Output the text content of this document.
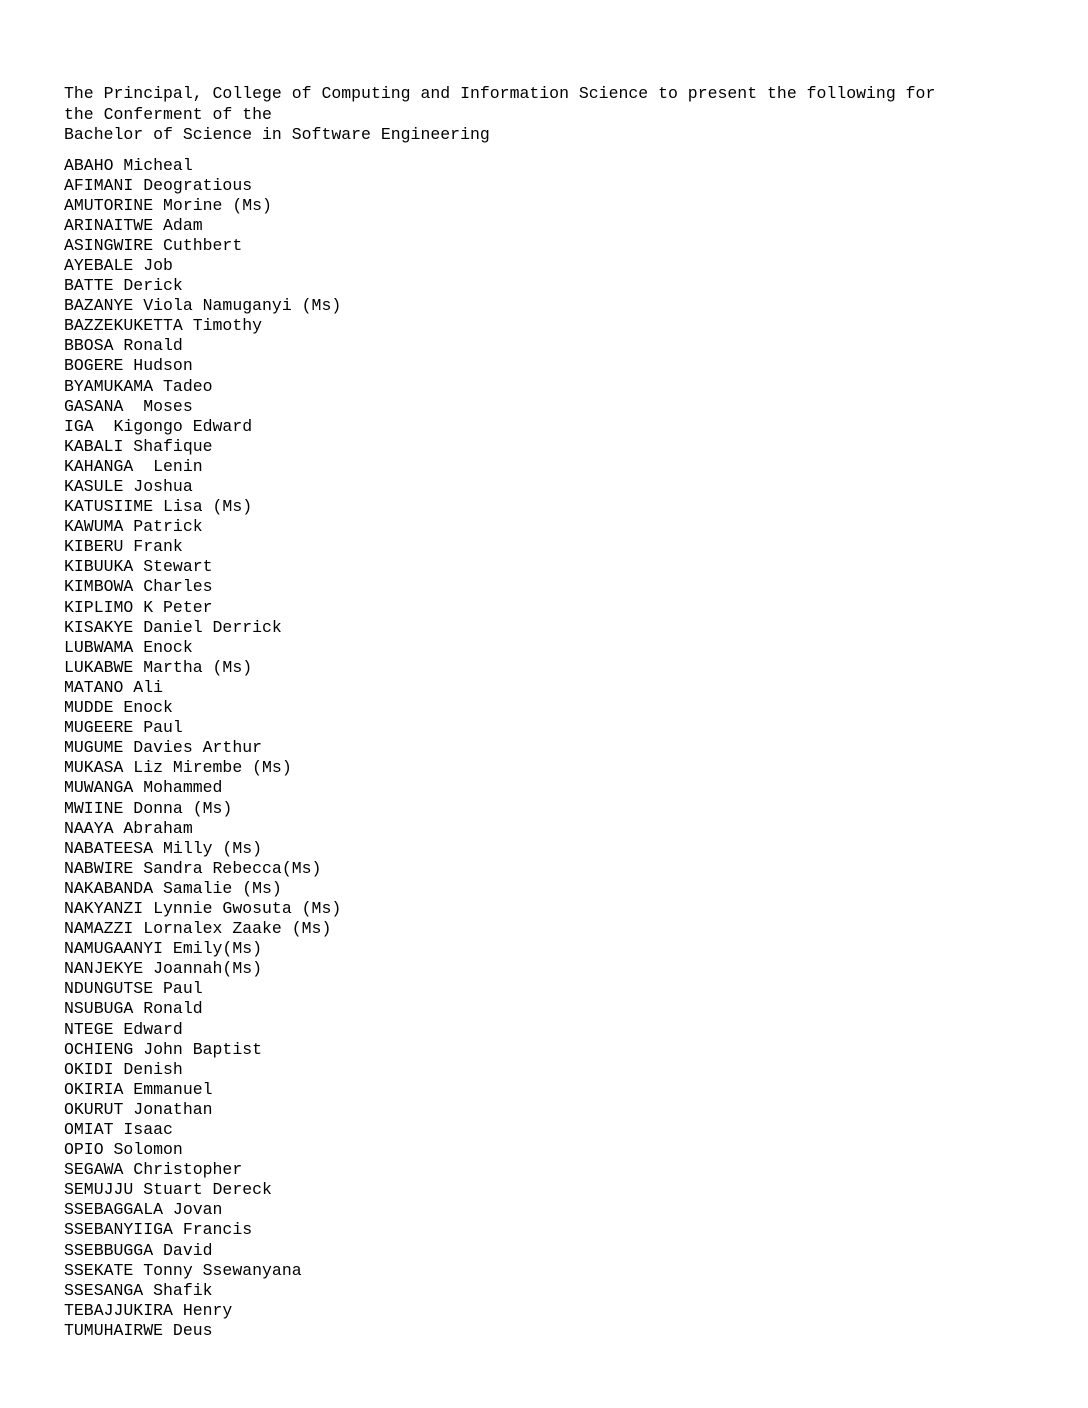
The Principal, College of Computing and Information Science to present the following for
the Conferment of the
Bachelor of Science in Software Engineering
ABAHO Micheal
AFIMANI Deogratious
AMUTORINE Morine (Ms)
ARINAITWE Adam
ASINGWIRE Cuthbert
AYEBALE Job
BATTE Derick
BAZANYE Viola Namuganyi (Ms)
BAZZEKUKETTA Timothy
BBOSA Ronald
BOGERE Hudson
BYAMUKAMA Tadeo
GASANA  Moses
IGA  Kigongo Edward
KABALI Shafique
KAHANGA  Lenin
KASULE Joshua
KATUSIIME Lisa (Ms)
KAWUMA Patrick
KIBERU Frank
KIBUUKA Stewart
KIMBOWA Charles
KIPLIMO K Peter
KISAKYE Daniel Derrick
LUBWAMA Enock
LUKABWE Martha (Ms)
MATANO Ali
MUDDE Enock
MUGEERE Paul
MUGUME Davies Arthur
MUKASA Liz Mirembe (Ms)
MUWANGA Mohammed
MWIINE Donna (Ms)
NAAYA Abraham
NABATEESA Milly (Ms)
NABWIRE Sandra Rebecca(Ms)
NAKABANDA Samalie (Ms)
NAKYANZI Lynnie Gwosuta (Ms)
NAMAZZI Lornalex Zaake (Ms)
NAMUGAANYI Emily(Ms)
NANJEKYE Joannah(Ms)
NDUNGUTSE Paul
NSUBUGA Ronald
NTEGE Edward
OCHIENG John Baptist
OKIDI Denish
OKIRIA Emmanuel
OKURUT Jonathan
OMIAT Isaac
OPIO Solomon
SEGAWA Christopher
SEMUJJU Stuart Dereck
SSEBAGGALA Jovan
SSEBANYIIGA Francis
SSEBBUGGA David
SSEKATE Tonny Ssewanyana
SSESANGA Shafik
TEBAJJUKIRA Henry
TUMUHAIRWE Deus
